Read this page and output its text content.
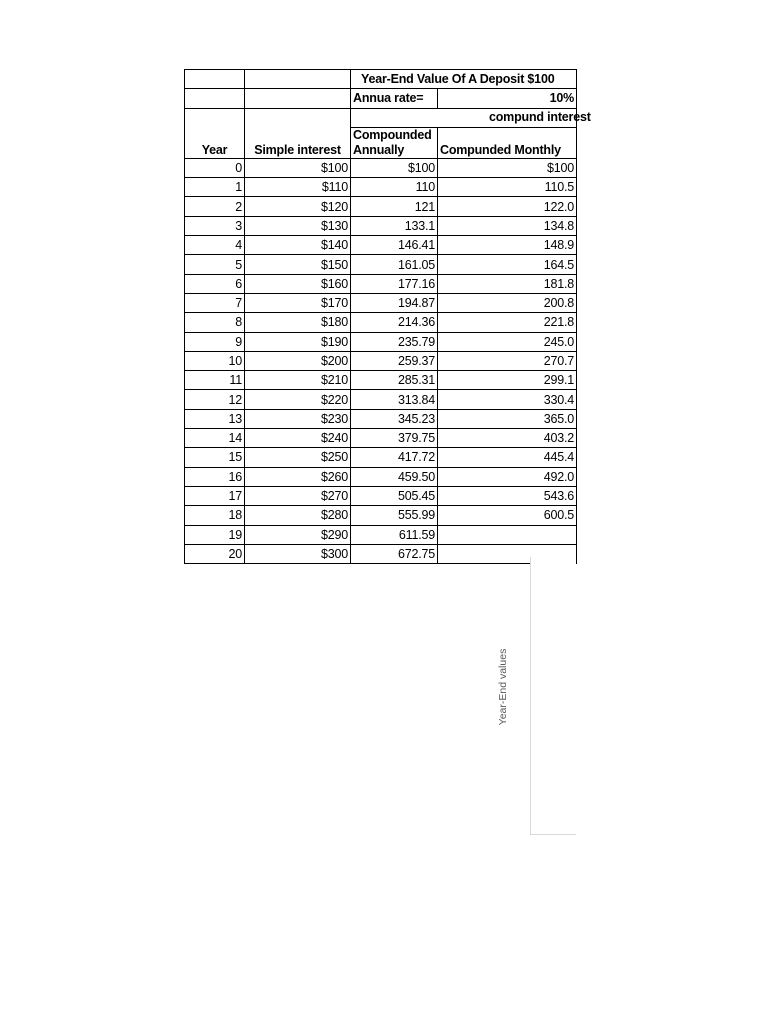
		Year-End Value Of A Deposit $100	
		Annua rate=	10%
Year	Simple interest	compund interest	
		Compounded Annually	Compunded Monthly
0	$100	$100	$100
1	$110	110	110.5
2	$120	121	122.0
3	$130	133.1	134.8
4	$140	146.41	148.9
5	$150	161.05	164.5
6	$160	177.16	181.8
7	$170	194.87	200.8
8	$180	214.36	221.8
9	$190	235.79	245.0
10	$200	259.37	270.7
11	$210	285.31	299.1
12	$220	313.84	330.4
13	$230	345.23	365.0
14	$240	379.75	403.2
15	$250	417.72	445.4
16	$260	459.50	492.0
17	$270	505.45	543.6
18	$280	555.99	600.5
19	$290	611.59	
20	$300	672.75	
Year-End values
